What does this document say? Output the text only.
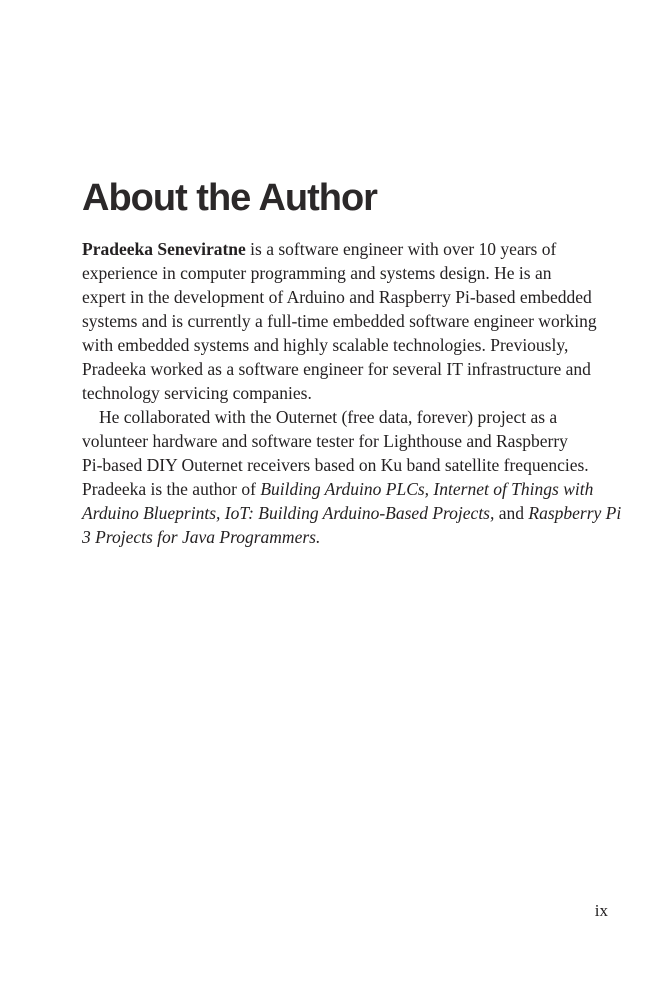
About the Author
Pradeeka Seneviratne is a software engineer with over 10 years of
experience in computer programming and systems design. He is an
expert in the development of Arduino and Raspberry Pi-based embedded
systems and is currently a full-time embedded software engineer working
with embedded systems and highly scalable technologies. Previously,
Pradeeka worked as a software engineer for several IT infrastructure and
technology servicing companies.
He collaborated with the Outernet (free data, forever) project as a
volunteer hardware and software tester for Lighthouse and Raspberry
Pi-based DIY Outernet receivers based on Ku band satellite frequencies.
Pradeeka is the author of Building Arduino PLCs, Internet of Things with
Arduino Blueprints, IoT: Building Arduino-Based Projects, and Raspberry Pi
3 Projects for Java Programmers.
ix
